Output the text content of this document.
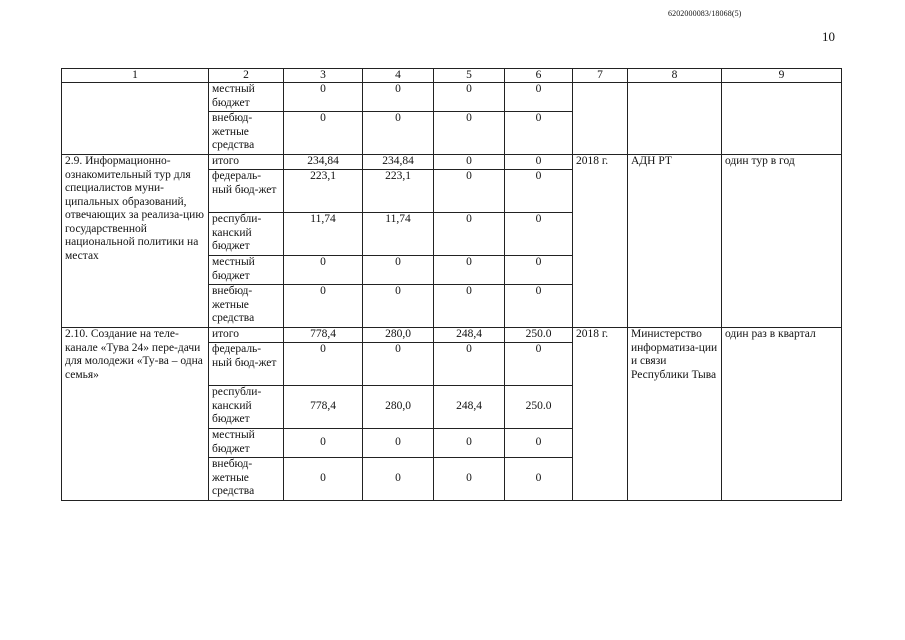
6202000083/18068(5)
10
1	2	3	4	5	6	7	8	9
	местный бюджет	0	0	0	0			
	внебюд-жетные средства	0	0	0	0			
2.9. Информационно-ознакомительный тур для специалистов муни-ципальных образований, отвечающих за реализа-цию государственной национальной политики на местах	итого	234,84	234,84	0	0	2018 г.	АДН РТ	один тур в год
	федераль-ный бюд-жет	223,1	223,1	0	0			
	республи-канский бюджет	11,74	11,74	0	0			
	местный бюджет	0	0	0	0			
	внебюд-жетные средства	0	0	0	0			
2.10. Создание на теле-канале «Тува 24» пере-дачи для молодежи «Ту-ва – одна семья»	итого	778,4	280,0	248,4	250.0	2018 г.	Министерство информатиза-ции и связи Республики Тыва	один раз в квартал
	федераль-ный бюд-жет	0	0	0	0			
	республи-канский бюджет	778,4	280,0	248,4	250.0			
	местный бюджет	0	0	0	0			
	внебюд-жетные средства	0	0	0	0			
